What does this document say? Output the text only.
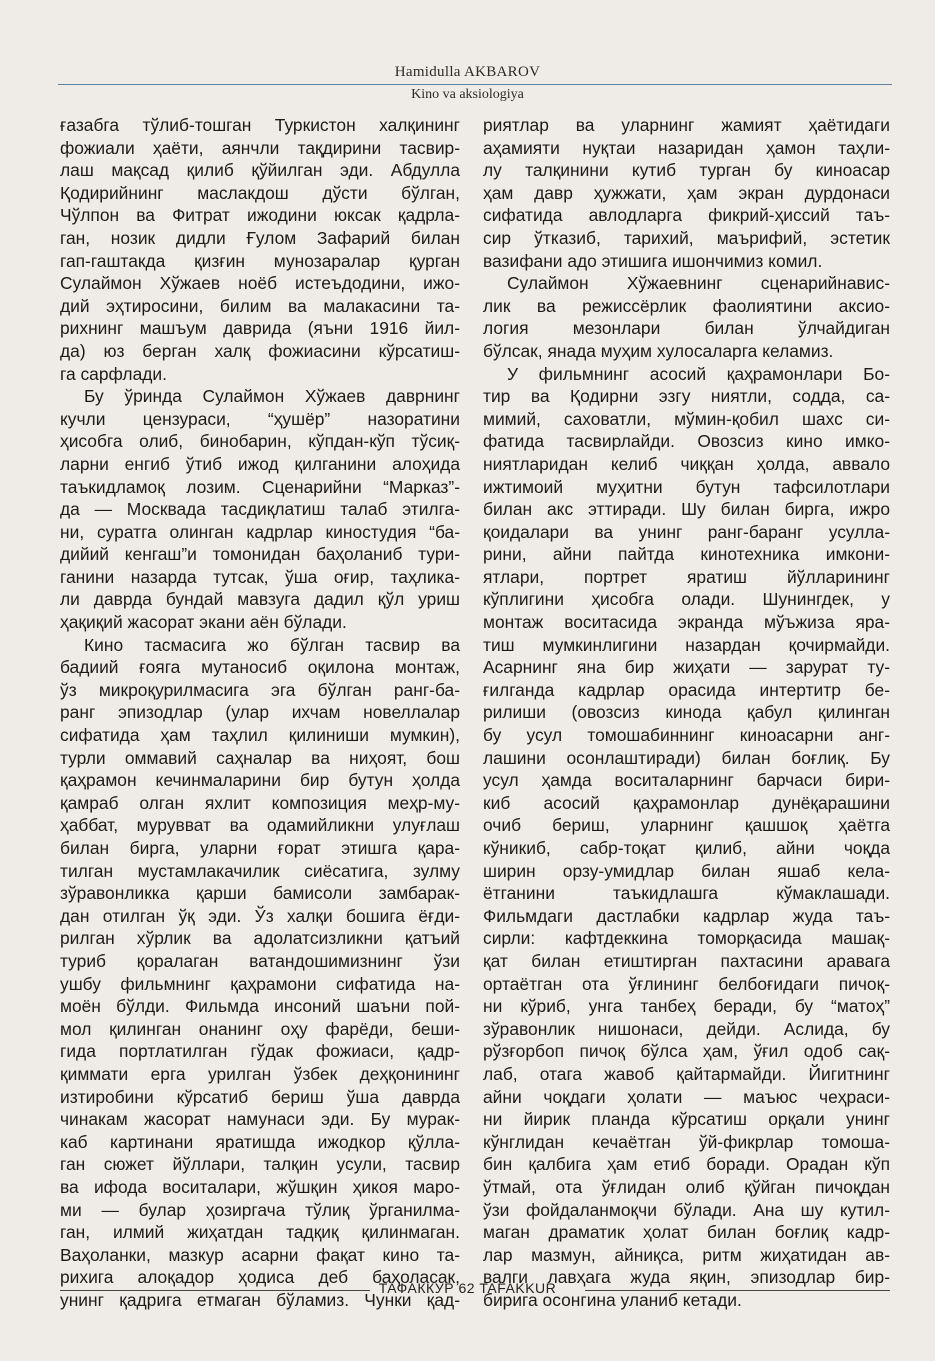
Hamidulla AKBAROV
Kino va aksiologiya
ғазабга тўлиб-тошган Туркистон халқининг
фожиали ҳаёти, аянчли тақдирини тасвир-
лаш мақсад қилиб қўйилган эди. Абдулла
Қодирийнинг маслакдош дўсти бўлган,
Чўлпон ва Фитрат ижодини юксак қадрла-
ган, нозик дидли Ғулом Зафарий билан
гап-гаштакда қизғин мунозаралар қурган
Сулаймон Хўжаев ноёб истеъдодини, ижо-
дий эҳтиросини, билим ва малакасини та-
рихнинг машъум даврида (яъни 1916 йил-
да) юз берган халқ фожиасини кўрсатиш-
га сарфлади.
Бу ўринда Сулаймон Хўжаев даврнинг
кучли цензураси, “ҳушёр” назоратини
ҳисобга олиб, бинобарин, кўпдан-кўп тўсиқ-
ларни енгиб ўтиб ижод қилганини алоҳида
таъкидламоқ лозим. Сценарийни “Марказ”-
да — Москвада тасдиқлатиш талаб этилга-
ни, суратга олинган кадрлар киностудия “ба-
дийий кенгаш”и томонидан баҳоланиб тури-
ганини назарда тутсак, ўша оғир, таҳлика-
ли даврда бундай мавзуга дадил қўл уриш
ҳақиқий жасорат экани аён бўлади.
Кино тасмасига жо бўлган тасвир ва
бадиий ғояга мутаносиб оқилона монтаж,
ўз микроқурилмасига эга бўлган ранг-ба-
ранг эпизодлар (улар ихчам новеллалар
сифатида ҳам таҳлил қилиниши мумкин),
турли оммавий саҳналар ва ниҳоят, бош
қаҳрамон кечинмаларини бир бутун ҳолда
қамраб олган яхлит композиция меҳр-му-
ҳаббат, мурувват ва одамийликни улуғлаш
билан бирга, уларни ғорат этишга қара-
тилган мустамлакачилик сиёсатига, зулму
зўравонликка қарши бамисоли замбарак-
дан отилган ўқ эди. Ўз халқи бошига ёғди-
рилган хўрлик ва адолатсизликни қатъий
туриб қоралаган ватандошимизнинг ўзи
ушбу фильмнинг қаҳрамони сифатида на-
моён бўлди. Фильмда инсоний шаъни пой-
мол қилинган онанинг оҳу фарёди, беши-
гида портлатилган гўдак фожиаси, қадр-
қиммати ерга урилган ўзбек деҳқонининг
изтиробини кўрсатиб бериш ўша даврда
чинакам жасорат намунаси эди. Бу мурак-
каб картинани яратишда ижодкор қўлла-
ган сюжет йўллари, талқин усули, тасвир
ва ифода воситалари, жўшқин ҳикоя маро-
ми — булар ҳозиргача тўлиқ ўрганилма-
ган, илмий жиҳатдан тадқиқ қилинмаган.
Ваҳоланки, мазкур асарни фақат кино та-
рихига алоқадор ҳодиса деб баҳоласак,
унинг қадрига етмаган бўламиз. Чунки қад-
риятлар ва уларнинг жамият ҳаётидаги
аҳамияти нуқтаи назаридан ҳамон таҳли-
лу талқинини кутиб турган бу киноасар
ҳам давр ҳужжати, ҳам экран дурдонаси
сифатида авлодларга фикрий-ҳиссий таъ-
сир ўтказиб, тарихий, маърифий, эстетик
вазифани адо этишига ишончимиз комил.
Сулаймон Хўжаевнинг сценарийнавис-
лик ва режиссёрлик фаолиятини аксио-
логия мезонлари билан ўлчайдиган
бўлсак, янада муҳим хулосаларга келамиз.
У фильмнинг асосий қаҳрамонлари Бо-
тир ва Қодирни эзгу ниятли, содда, са-
мимий, саховатли, мўмин-қобил шахс си-
фатида тасвирлайди. Овозсиз кино имко-
ниятларидан келиб чиққан ҳолда, аввало
ижтимоий муҳитни бутун тафсилотлари
билан акс эттиради. Шу билан бирга, ижро
қоидалари ва унинг ранг-баранг усулла-
рини, айни пайтда кинотехника имкони-
ятлари, портрет яратиш йўлларининг
кўплигини ҳисобга олади. Шунингдек, у
монтаж воситасида экранда мўъжиза яра-
тиш мумкинлигини назардан қочирмайди.
Асарнинг яна бир жиҳати — зарурат ту-
ғилганда кадрлар орасида интертитр бе-
рилиши (овозсиз кинода қабул қилинган
бу усул томошабиннинг киноасарни анг-
лашини осонлаштиради) билан боғлиқ. Бу
усул ҳамда воситаларнинг барчаси бири-
киб асосий қаҳрамонлар дунёқарашини
очиб бериш, уларнинг қашшоқ ҳаётга
кўникиб, сабр-тоқат қилиб, айни чоқда
ширин орзу-умидлар билан яшаб кела-
ётганини таъкидлашга кўмаклашади.
Фильмдаги дастлабки кадрлар жуда таъ-
сирли: кафтдеккина томорқасида машақ-
қат билан етиштирган пахтасини аравага
ортаётган ота ўғлининг белбоғидаги пичоқ-
ни кўриб, унга танбеҳ беради, бу “матоҳ”
зўравонлик нишонаси, дейди. Аслида, бу
рўзғорбоп пичоқ бўлса ҳам, ўғил одоб сақ-
лаб, отага жавоб қайтармайди. Йигитнинг
айни чоқдаги ҳолати — маъюс чеҳраси-
ни йирик планда кўрсатиш орқали унинг
кўнглидан кечаётган ўй-фикрлар томоша-
бин қалбига ҳам етиб боради. Орадан кўп
ўтмай, ота ўғлидан олиб қўйган пичоқдан
ўзи фойдаланмоқчи бўлади. Ана шу кутил-
маган драматик ҳолат билан боғлиқ кадр-
лар мазмун, айниқса, ритм жиҳатидан ав-
валги лавҳага жуда яқин, эпизодлар бир-
бирига осонгина уланиб кетади.
ТАФАККУР 62 TAFAKKUR
